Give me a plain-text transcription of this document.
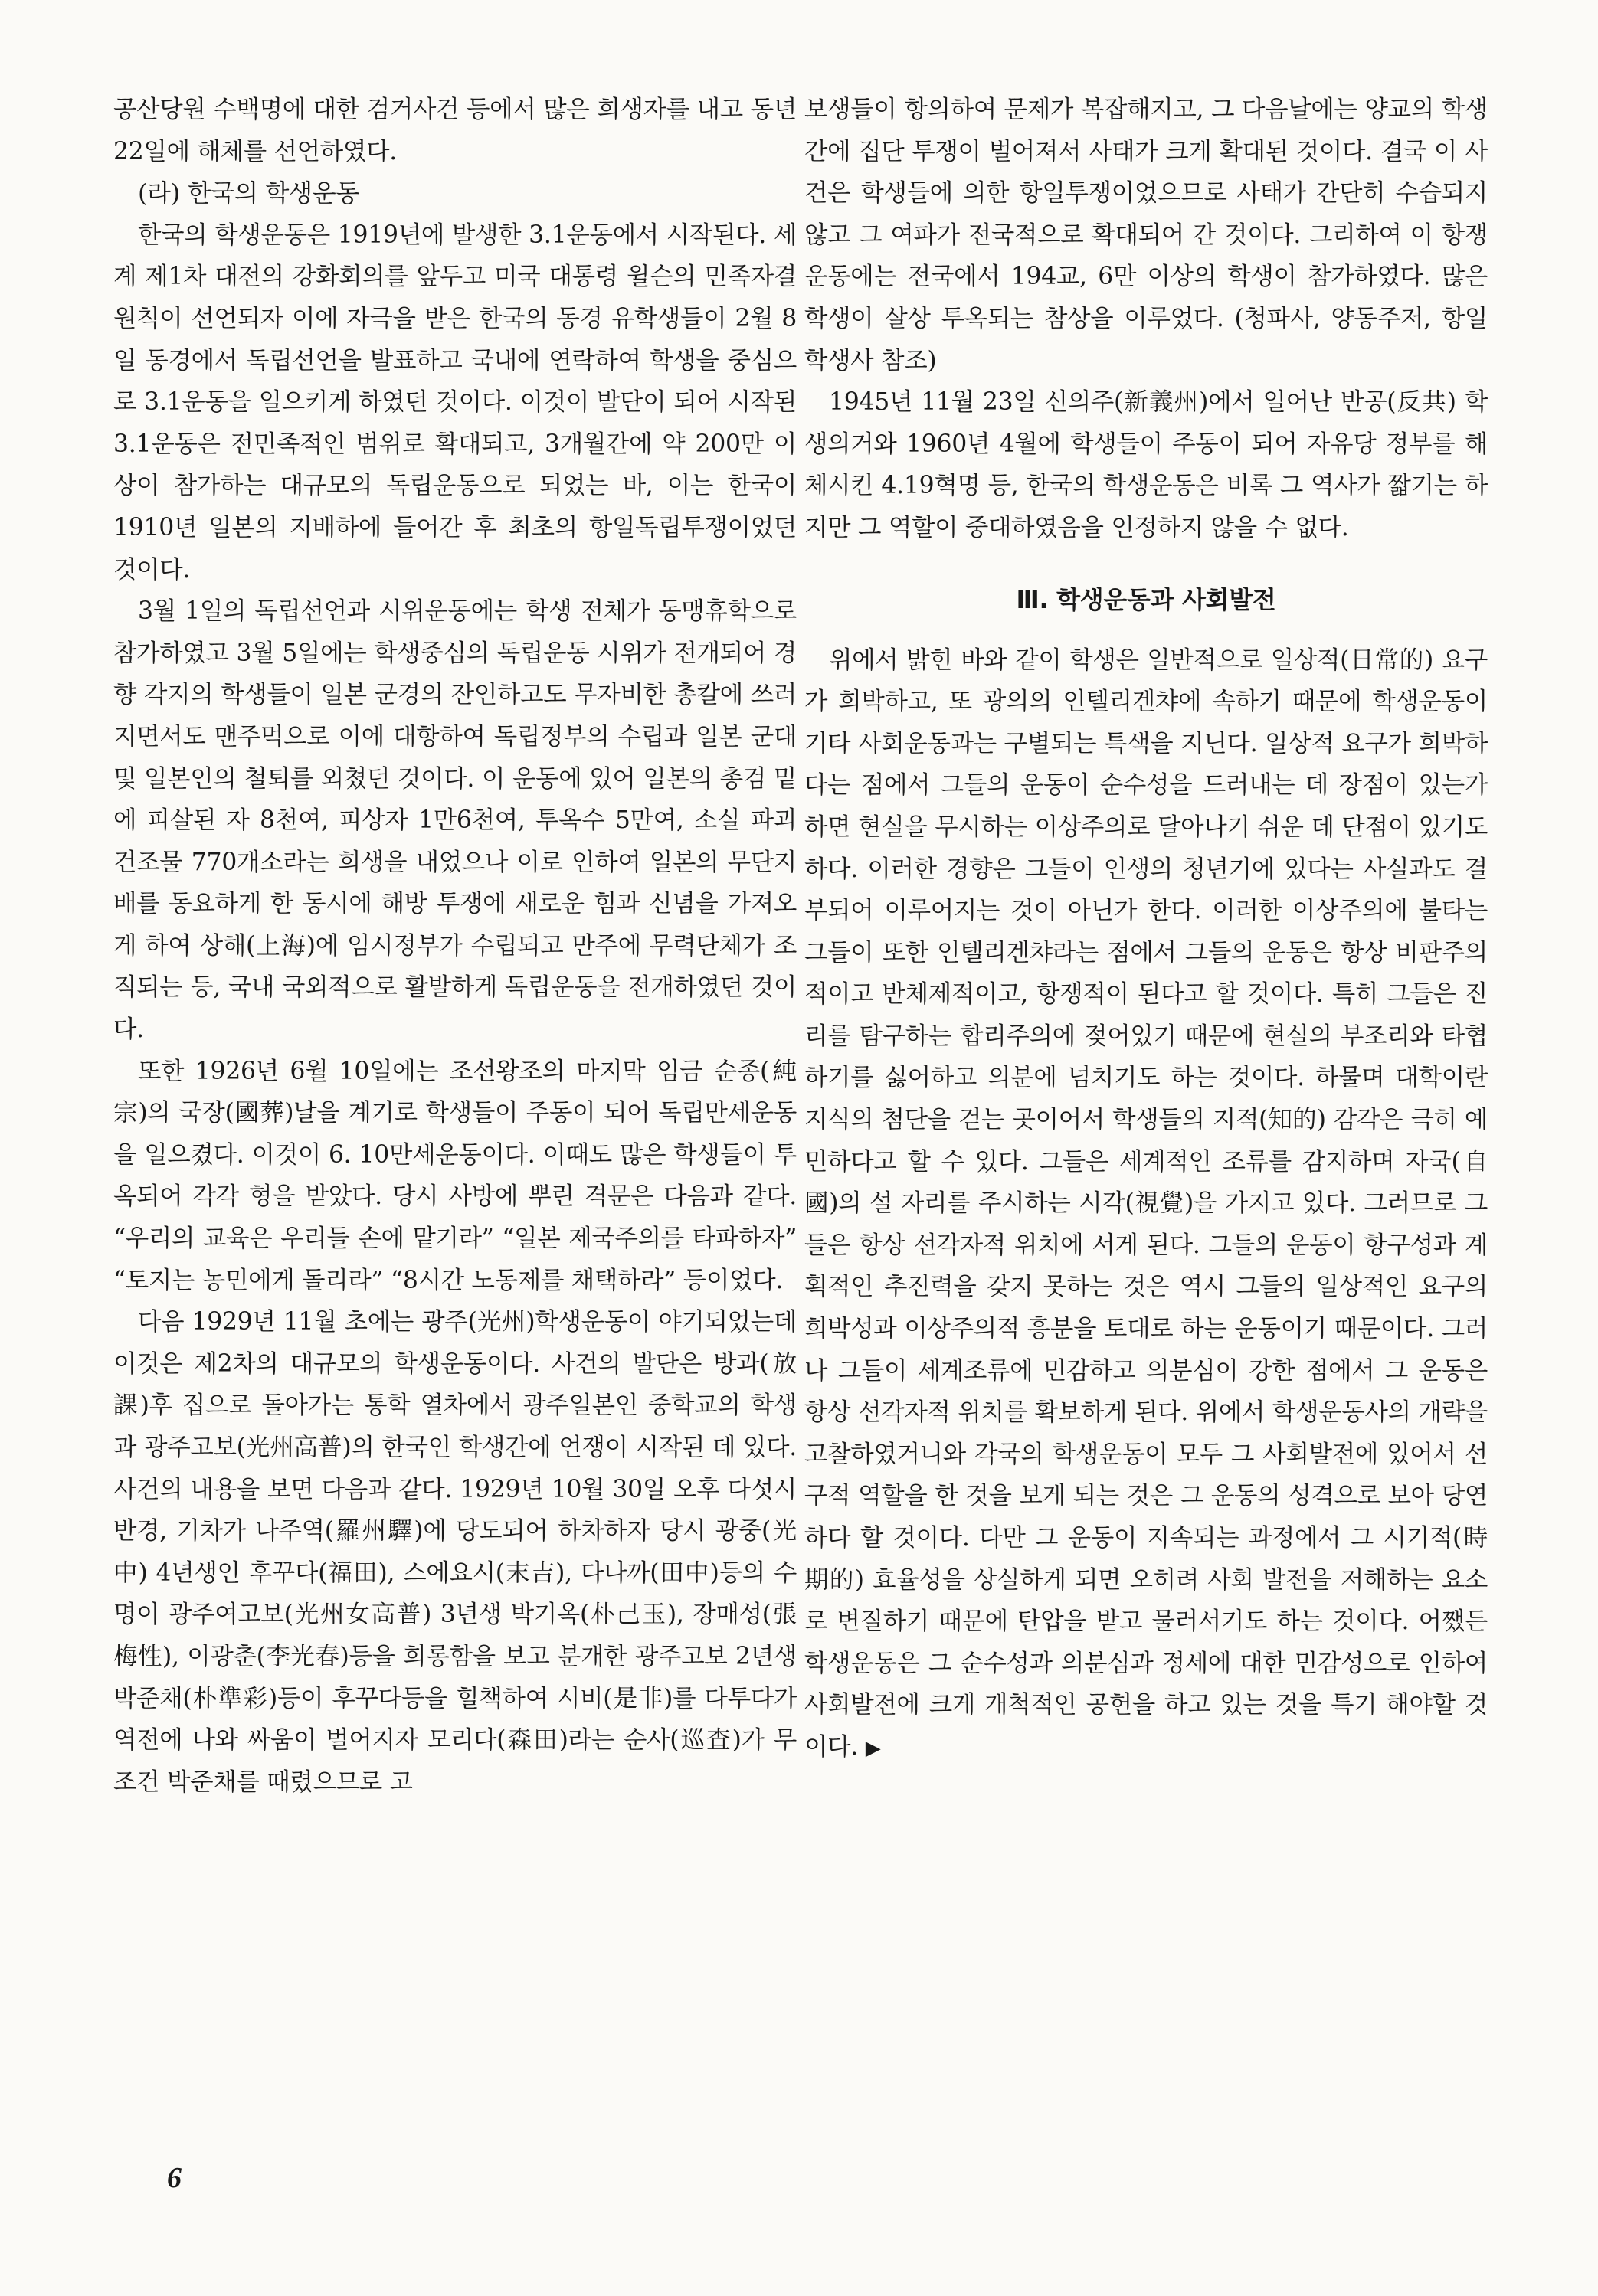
공산당원 수백명에 대한 검거사건 등에서 많은 희생자를 내고 동년 22일에 해체를 선언하였다.

(라) 한국의 학생운동

한국의 학생운동은 1919년에 발생한 3.1운동에서 시작된다. 세계 제1차 대전의 강화회의를 앞두고 미국 대통령 윌슨의 민족자결원칙이 선언되자 이에 자극을 받은 한국의 동경 유학생들이 2월 8일 동경에서 독립선언을 발표하고 국내에 연락하여 학생을 중심으로 3.1운동을 일으키게 하였던 것이다. 이것이 발단이 되어 시작된 3.1운동은 전민족적인 범위로 확대되고, 3개월간에 약 200만 이상이 참가하는 대규모의 독립운동으로 되었는 바, 이는 한국이 1910년 일본의 지배하에 들어간 후 최초의 항일독립투쟁이었던 것이다.

3월 1일의 독립선언과 시위운동에는 학생 전체가 동맹휴학으로 참가하였고 3월 5일에는 학생중심의 독립운동 시위가 전개되어 경향 각지의 학생들이 일본 군경의 잔인하고도 무자비한 총칼에 쓰러지면서도 맨주먹으로 이에 대항하여 독립정부의 수립과 일본 군대 및 일본인의 철퇴를 외쳤던 것이다. 이 운동에 있어 일본의 총검 밑에 피살된 자 8천여, 피상자 1만6천여, 투옥수 5만여, 소실 파괴 건조물 770개소라는 희생을 내었으나 이로 인하여 일본의 무단지배를 동요하게 한 동시에 해방 투쟁에 새로운 힘과 신념을 가져오게 하여 상해(上海)에 임시정부가 수립되고 만주에 무력단체가 조직되는 등, 국내 국외적으로 활발하게 독립운동을 전개하였던 것이다.

또한 1926년 6월 10일에는 조선왕조의 마지막 임금 순종(純宗)의 국장(國葬)날을 계기로 학생들이 주동이 되어 독립만세운동을 일으켰다. 이것이 6. 10만세운동이다. 이때도 많은 학생들이 투옥되어 각각 형을 받았다. 당시 사방에 뿌린 격문은 다음과 같다. “우리의 교육은 우리들 손에 맡기라” “일본 제국주의를 타파하자” “토지는 농민에게 돌리라” “8시간 노동제를 채택하라” 등이었다.

다음 1929년 11월 초에는 광주(光州)학생운동이 야기되었는데 이것은 제2차의 대규모의 학생운동이다. 사건의 발단은 방과(放課)후 집으로 돌아가는 통학 열차에서 광주일본인 중학교의 학생과 광주고보(光州高普)의 한국인 학생간에 언쟁이 시작된 데 있다. 사건의 내용을 보면 다음과 같다. 1929년 10월 30일 오후 다섯시 반경, 기차가 나주역(羅州驛)에 당도되어 하차하자 당시 광중(光中) 4년생인 후꾸다(福田), 스에요시(末吉), 다나까(田中)등의 수명이 광주여고보(光州女高普) 3년생 박기옥(朴己玉), 장매성(張梅性), 이광춘(李光春)등을 희롱함을 보고 분개한 광주고보 2년생 박준채(朴準彩)등이 후꾸다등을 힐책하여 시비(是非)를 다투다가 역전에 나와 싸움이 벌어지자 모리다(森田)라는 순사(巡査)가 무조건 박준채를 때렸으므로 고

보생들이 항의하여 문제가 복잡해지고, 그 다음날에는 양교의 학생간에 집단 투쟁이 벌어져서 사태가 크게 확대된 것이다. 결국 이 사건은 학생들에 의한 항일투쟁이었으므로 사태가 간단히 수습되지 않고 그 여파가 전국적으로 확대되어 간 것이다. 그리하여 이 항쟁운동에는 전국에서 194교, 6만 이상의 학생이 참가하였다. 많은 학생이 살상 투옥되는 참상을 이루었다. (청파사, 양동주저, 항일학생사 참조)

1945년 11월 23일 신의주(新義州)에서 일어난 반공(反共) 학생의거와 1960년 4월에 학생들이 주동이 되어 자유당 정부를 해체시킨 4.19혁명 등, 한국의 학생운동은 비록 그 역사가 짧기는 하지만 그 역할이 중대하였음을 인정하지 않을 수 없다.

Ⅲ. 학생운동과 사회발전

위에서 밝힌 바와 같이 학생은 일반적으로 일상적(日常的) 요구가 희박하고, 또 광의의 인텔리겐챠에 속하기 때문에 학생운동이 기타 사회운동과는 구별되는 특색을 지닌다. 일상적 요구가 희박하다는 점에서 그들의 운동이 순수성을 드러내는 데 장점이 있는가 하면 현실을 무시하는 이상주의로 달아나기 쉬운 데 단점이 있기도 하다. 이러한 경향은 그들이 인생의 청년기에 있다는 사실과도 결부되어 이루어지는 것이 아닌가 한다. 이러한 이상주의에 불타는 그들이 또한 인텔리겐챠라는 점에서 그들의 운동은 항상 비판주의적이고 반체제적이고, 항쟁적이 된다고 할 것이다. 특히 그들은 진리를 탐구하는 합리주의에 젖어있기 때문에 현실의 부조리와 타협하기를 싫어하고 의분에 넘치기도 하는 것이다. 하물며 대학이란 지식의 첨단을 걷는 곳이어서 학생들의 지적(知的) 감각은 극히 예민하다고 할 수 있다. 그들은 세계적인 조류를 감지하며 자국(自國)의 설 자리를 주시하는 시각(視覺)을 가지고 있다. 그러므로 그들은 항상 선각자적 위치에 서게 된다. 그들의 운동이 항구성과 계획적인 추진력을 갖지 못하는 것은 역시 그들의 일상적인 요구의 희박성과 이상주의적 흥분을 토대로 하는 운동이기 때문이다. 그러나 그들이 세계조류에 민감하고 의분심이 강한 점에서 그 운동은 항상 선각자적 위치를 확보하게 된다. 위에서 학생운동사의 개략을 고찰하였거니와 각국의 학생운동이 모두 그 사회발전에 있어서 선구적 역할을 한 것을 보게 되는 것은 그 운동의 성격으로 보아 당연하다 할 것이다. 다만 그 운동이 지속되는 과정에서 그 시기적(時期的) 효율성을 상실하게 되면 오히려 사회 발전을 저해하는 요소로 변질하기 때문에 탄압을 받고 물러서기도 하는 것이다. 어쨌든 학생운동은 그 순수성과 의분심과 정세에 대한 민감성으로 인하여 사회발전에 크게 개척적인 공헌을 하고 있는 것을 특기 해야할 것이다. ▶

6
